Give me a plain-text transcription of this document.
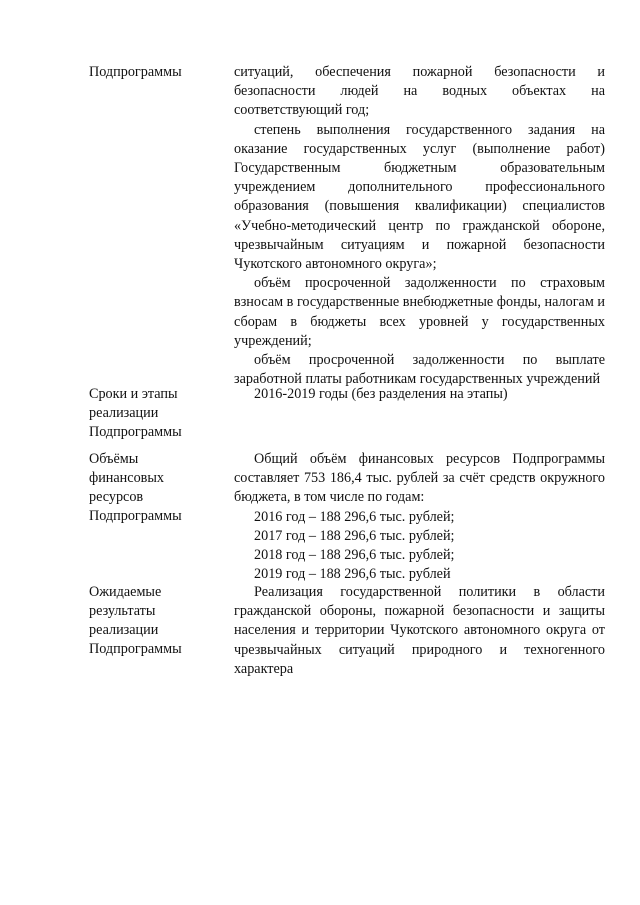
Подпрограммы	ситуаций, обеспечения пожарной безопасности и безопасности людей на водных объектах на соответствующий год;
степень выполнения государственного задания на оказание государственных услуг (выполнение работ) Государственным бюджетным образовательным учреждением дополнительного профессионального образования (повышения квалификации) специалистов «Учебно-методический центр по гражданской обороне, чрезвычайным ситуациям и пожарной безопасности Чукотского автономного округа»;
объём просроченной задолженности по страховым взносам в государственные внебюджетные фонды, налогам и сборам в бюджеты всех уровней у государственных учреждений;
объём просроченной задолженности по выплате заработной платы работникам государственных учреждений
Сроки и этапы
реализации
Подпрограммы
2016-2019 годы (без разделения на этапы)
Объёмы
финансовых
ресурсов
Подпрограммы
Общий объём финансовых ресурсов Подпрограммы составляет 753 186,4 тыс. рублей за счёт средств окружного бюджета, в том числе по годам:
2016 год – 188 296,6 тыс. рублей;
2017 год – 188 296,6 тыс. рублей;
2018 год – 188 296,6 тыс. рублей;
2019 год – 188 296,6 тыс. рублей
Ожидаемые
результаты
реализации
Подпрограммы
Реализация государственной политики в области гражданской обороны, пожарной безопасности и защиты населения и территории Чукотского автономного округа от чрезвычайных ситуаций природного и техногенного характера
